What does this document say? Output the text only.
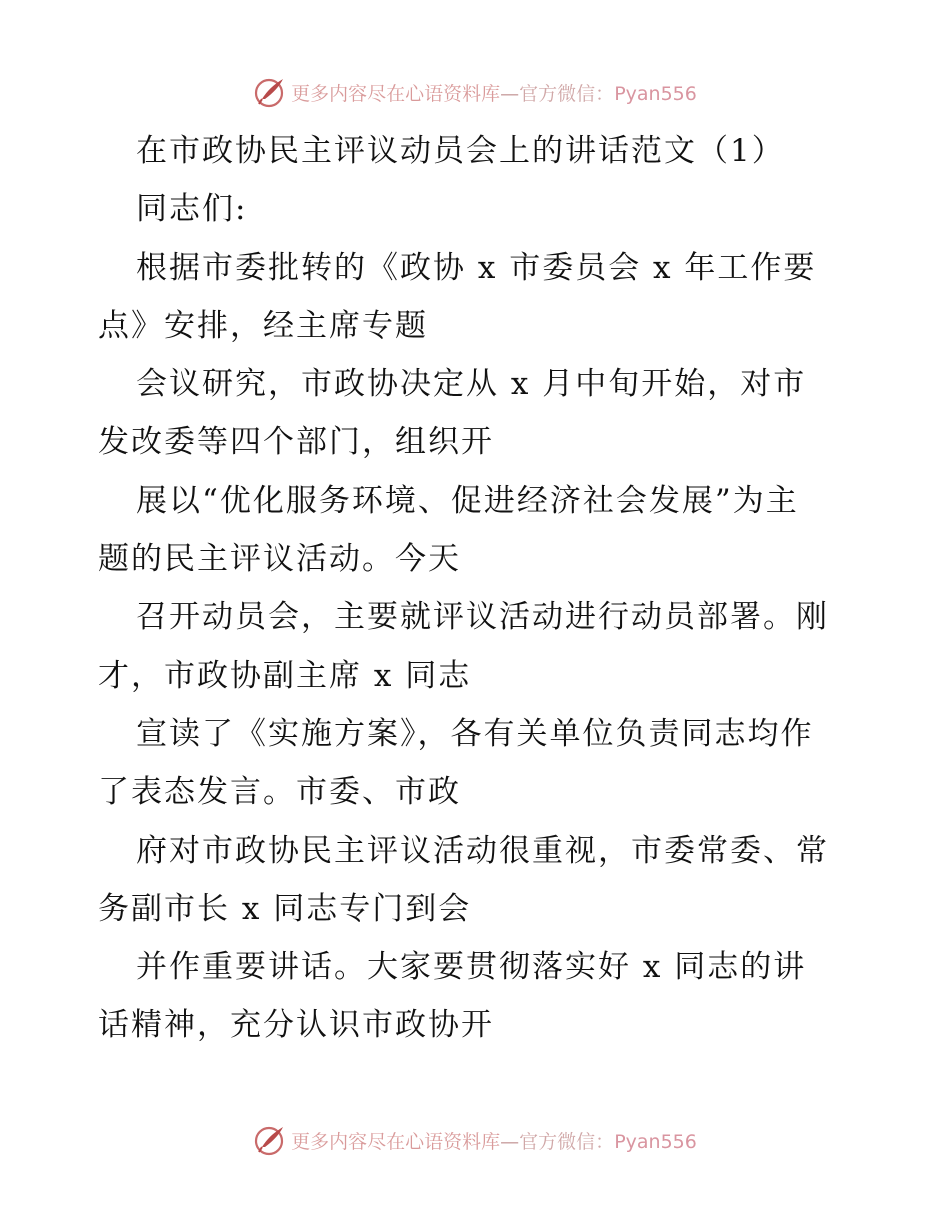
更多内容尽在心语资料库—官方微信：Pyan556
在市政协民主评议动员会上的讲话范文（1）
同志们:
根据市委批转的《政协 x 市委员会 x 年工作要
点》安排，经主席专题
会议研究，市政协决定从 x 月中旬开始，对市
发改委等四个部门，组织开
展以“优化服务环境、促进经济社会发展”为主
题的民主评议活动。今天
召开动员会，主要就评议活动进行动员部署。刚
才，市政协副主席 x 同志
宣读了《实施方案》，各有关单位负责同志均作
了表态发言。市委、市政
府对市政协民主评议活动很重视，市委常委、常
务副市长 x 同志专门到会
并作重要讲话。大家要贯彻落实好 x 同志的讲
话精神，充分认识市政协开
更多内容尽在心语资料库—官方微信：Pyan556
